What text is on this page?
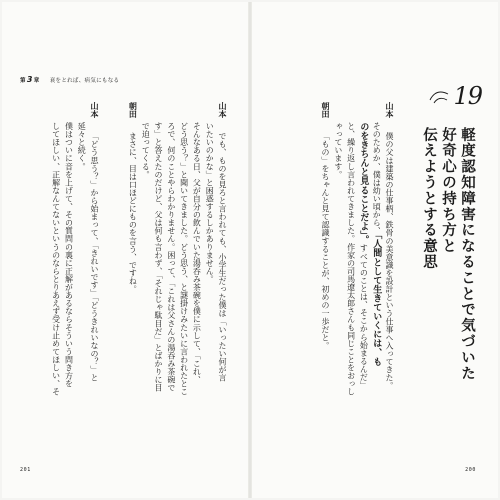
第3章 衰をとれば、病気にもなる
山本でも、ものを見ろと言われても、小学生だった僕は「いったい何が言
いたいのかな」と困惑するしかありません。
そんなある日、父が自分の飲んでいた湯呑み茶碗を僕に示して、「これ、
どう思う？」と聞いてきました。どう思う、と謎掛けみたいに言われたとこ
ろで、何のことやらわかりません。困って、「これは父さんの湯呑み茶碗で
す」と答えたのだけど、父は何も言わず、「それじゃ駄目だ」とばかりに目
で迫ってくる。
朝田まさに、目は口ほどにものを言う、ですね。
山本「どう思う？」から始まって、「きれいです」「どうきれいなの？」と
延々と続く。
僕はついに音を上げて、その質問の裏に正解があるならそういう問き方を
してほしい、正解なんてないというのならとりあえず受け止めてほしい、そ
201
19
軽度認知障害になることで気づいた
好奇心の持ち方と
伝えようとする意思
山本僕の父は建築の仕事柄、鉄骨の美意識を設計という仕事へ入ってきた。
そのためか、僕は幼い頃から、「人間として生きていくには、も
のをきちんと見ることだよ」。すべてのことは、そこから始まるんだ」
と、繰り返し言われてきました。作家の司馬遼太郎さんも同じことをおっし
ゃっています。
朝田「もの」をちゃんと見て認識することが、初めの一歩だと。
200
